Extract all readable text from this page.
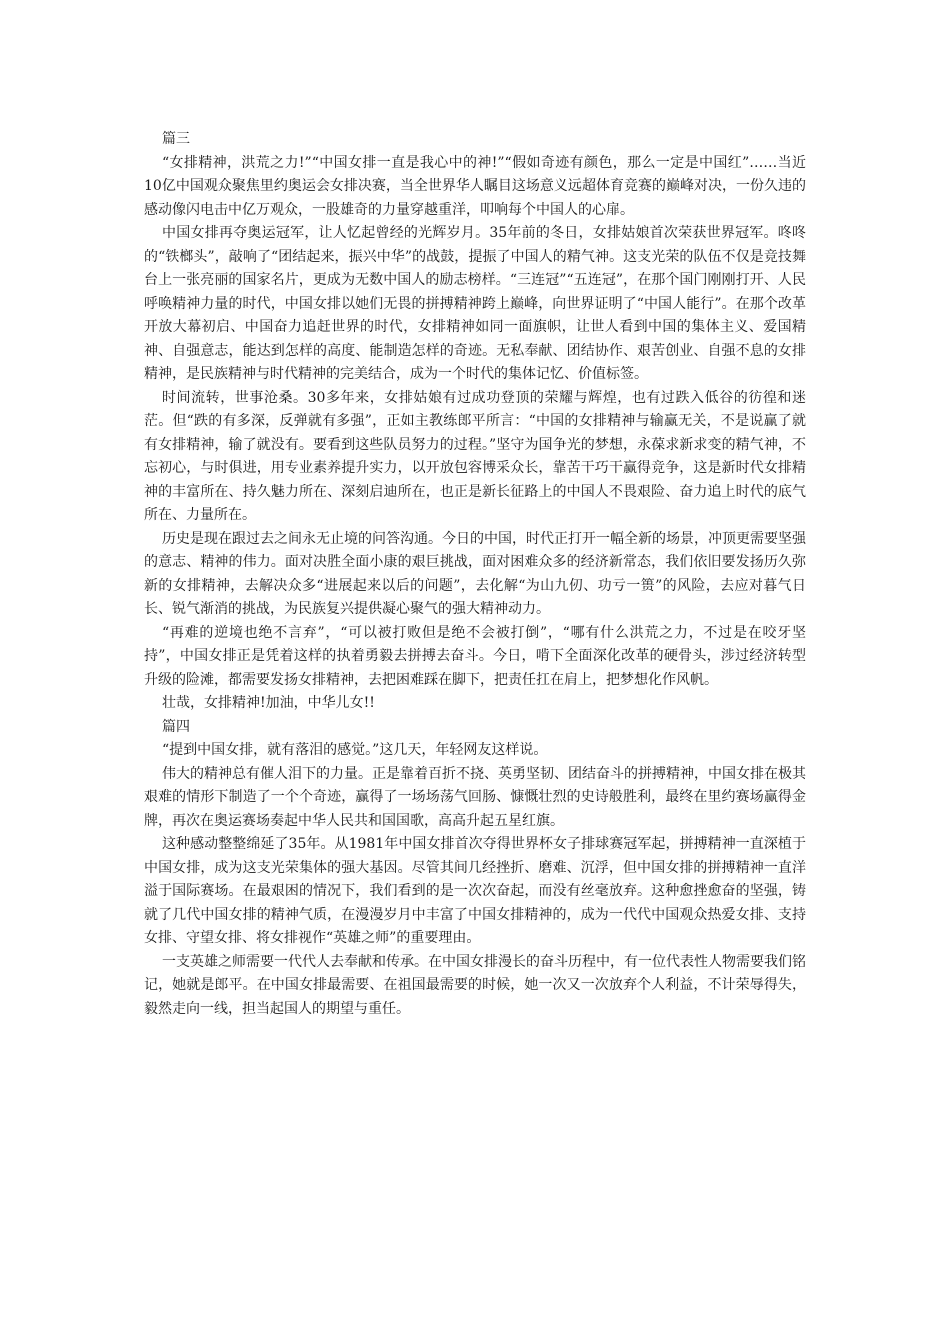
篇三

“女排精神，洪荒之力!”“中国女排一直是我心中的神!”“假如奇迹有颜色，那么一定是中国红”……当近10亿中国观众聚焦里约奥运会女排决赛，当全世界华人瞩目这场意义远超体育竞赛的巅峰对决，一份久违的感动像闪电击中亿万观众，一股雄奇的力量穿越重洋，叩响每个中国人的心扉。

中国女排再夺奥运冠军，让人忆起曾经的光辉岁月。35年前的冬日，女排姑娘首次荣获世界冠军。咚咚的“铁榔头”，敲响了“团结起来，振兴中华”的战鼓，提振了中国人的精气神。这支光荣的队伍不仅是竞技舞台上一张亮丽的国家名片，更成为无数中国人的励志榜样。“三连冠”“五连冠”，在那个国门刚刚打开、人民呼唤精神力量的时代，中国女排以她们无畏的拼搏精神跨上巅峰，向世界证明了“中国人能行”。在那个改革开放大幕初启、中国奋力追赶世界的时代，女排精神如同一面旗帜，让世人看到中国的集体主义、爱国精神、自强意志，能达到怎样的高度、能制造怎样的奇迹。无私奉献、团结协作、艰苦创业、自强不息的女排精神，是民族精神与时代精神的完美结合，成为一个时代的集体记忆、价值标签。

时间流转，世事沧桑。30多年来，女排姑娘有过成功登顶的荣耀与辉煌，也有过跌入低谷的彷徨和迷茫。但“跌的有多深，反弹就有多强”，正如主教练郎平所言：“中国的女排精神与输赢无关，不是说赢了就有女排精神，输了就没有。要看到这些队员努力的过程。”坚守为国争光的梦想，永葆求新求变的精气神，不忘初心，与时俱进，用专业素养提升实力，以开放包容博采众长，靠苦干巧干赢得竞争，这是新时代女排精神的丰富所在、持久魅力所在、深刻启迪所在，也正是新长征路上的中国人不畏艰险、奋力追上时代的底气所在、力量所在。

历史是现在跟过去之间永无止境的问答沟通。今日的中国，时代正打开一幅全新的场景，冲顶更需要坚强的意志、精神的伟力。面对决胜全面小康的艰巨挑战，面对困难众多的经济新常态，我们依旧要发扬历久弥新的女排精神，去解决众多“进展起来以后的问题”，去化解“为山九仞、功亏一篑”的风险，去应对暮气日长、锐气渐消的挑战，为民族复兴提供凝心聚气的强大精神动力。

“再难的逆境也绝不言弃”，“可以被打败但是绝不会被打倒”，“哪有什么洪荒之力，不过是在咬牙坚持”，中国女排正是凭着这样的执着勇毅去拼搏去奋斗。今日，啃下全面深化改革的硬骨头，涉过经济转型升级的险滩，都需要发扬女排精神，去把困难踩在脚下，把责任扛在肩上，把梦想化作风帆。

壮哉，女排精神!加油，中华儿女!!

篇四

“提到中国女排，就有落泪的感觉。”这几天，年轻网友这样说。

伟大的精神总有催人泪下的力量。正是靠着百折不挠、英勇坚韧、团结奋斗的拼搏精神，中国女排在极其艰难的情形下制造了一个个奇迹，赢得了一场场荡气回肠、慷慨壮烈的史诗般胜利，最终在里约赛场赢得金牌，再次在奥运赛场奏起中华人民共和国国歌，高高升起五星红旗。

这种感动整整绵延了35年。从1981年中国女排首次夺得世界杯女子排球赛冠军起，拼搏精神一直深植于中国女排，成为这支光荣集体的强大基因。尽管其间几经挫折、磨难、沉浮，但中国女排的拼搏精神一直洋溢于国际赛场。在最艰困的情况下，我们看到的是一次次奋起，而没有丝毫放弃。这种愈挫愈奋的坚强，铸就了几代中国女排的精神气质，在漫漫岁月中丰富了中国女排精神的，成为一代代中国观众热爱女排、支持女排、守望女排、将女排视作“英雄之师”的重要理由。

一支英雄之师需要一代代人去奉献和传承。在中国女排漫长的奋斗历程中，有一位代表性人物需要我们铭记，她就是郎平。在中国女排最需要、在祖国最需要的时候，她一次又一次放弃个人利益，不计荣辱得失，毅然走向一线，担当起国人的期望与重任。
